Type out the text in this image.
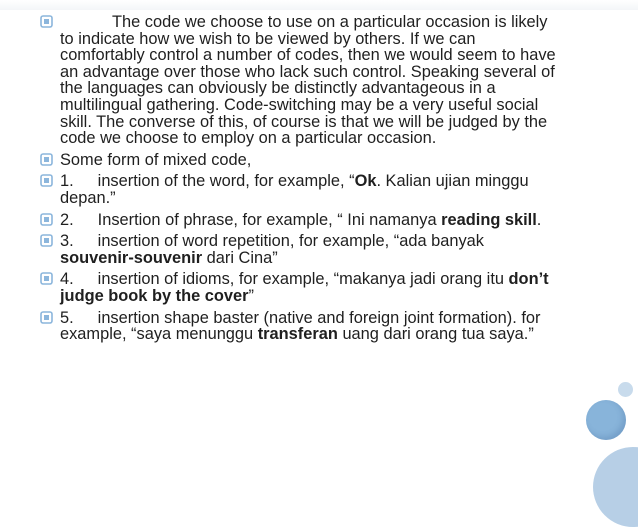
The code we choose to use on a particular occasion is likely to indicate how we wish to be viewed by others. If we can comfortably control a number of codes, then we would seem to have an advantage over those who lack such control. Speaking several of the languages can obviously be distinctly advantageous in a multilingual gathering. Code-switching may be a very useful social skill. The converse of this, of course is that we will be judged by the code we choose to employ on a particular occasion.
Some form of mixed code,
1. insertion of the word, for example, “Ok. Kalian ujian minggu depan.”
2. Insertion of phrase, for example, “ Ini namanya reading skill.
3. insertion of word repetition, for example, “ada banyak souvenir-souvenir dari Cina”
4. insertion of idioms, for example, “makanya jadi orang itu don’t judge book by the cover”
5. insertion shape baster (native and foreign joint formation). for example, “saya menunggu transferan uang dari orang tua saya.”
